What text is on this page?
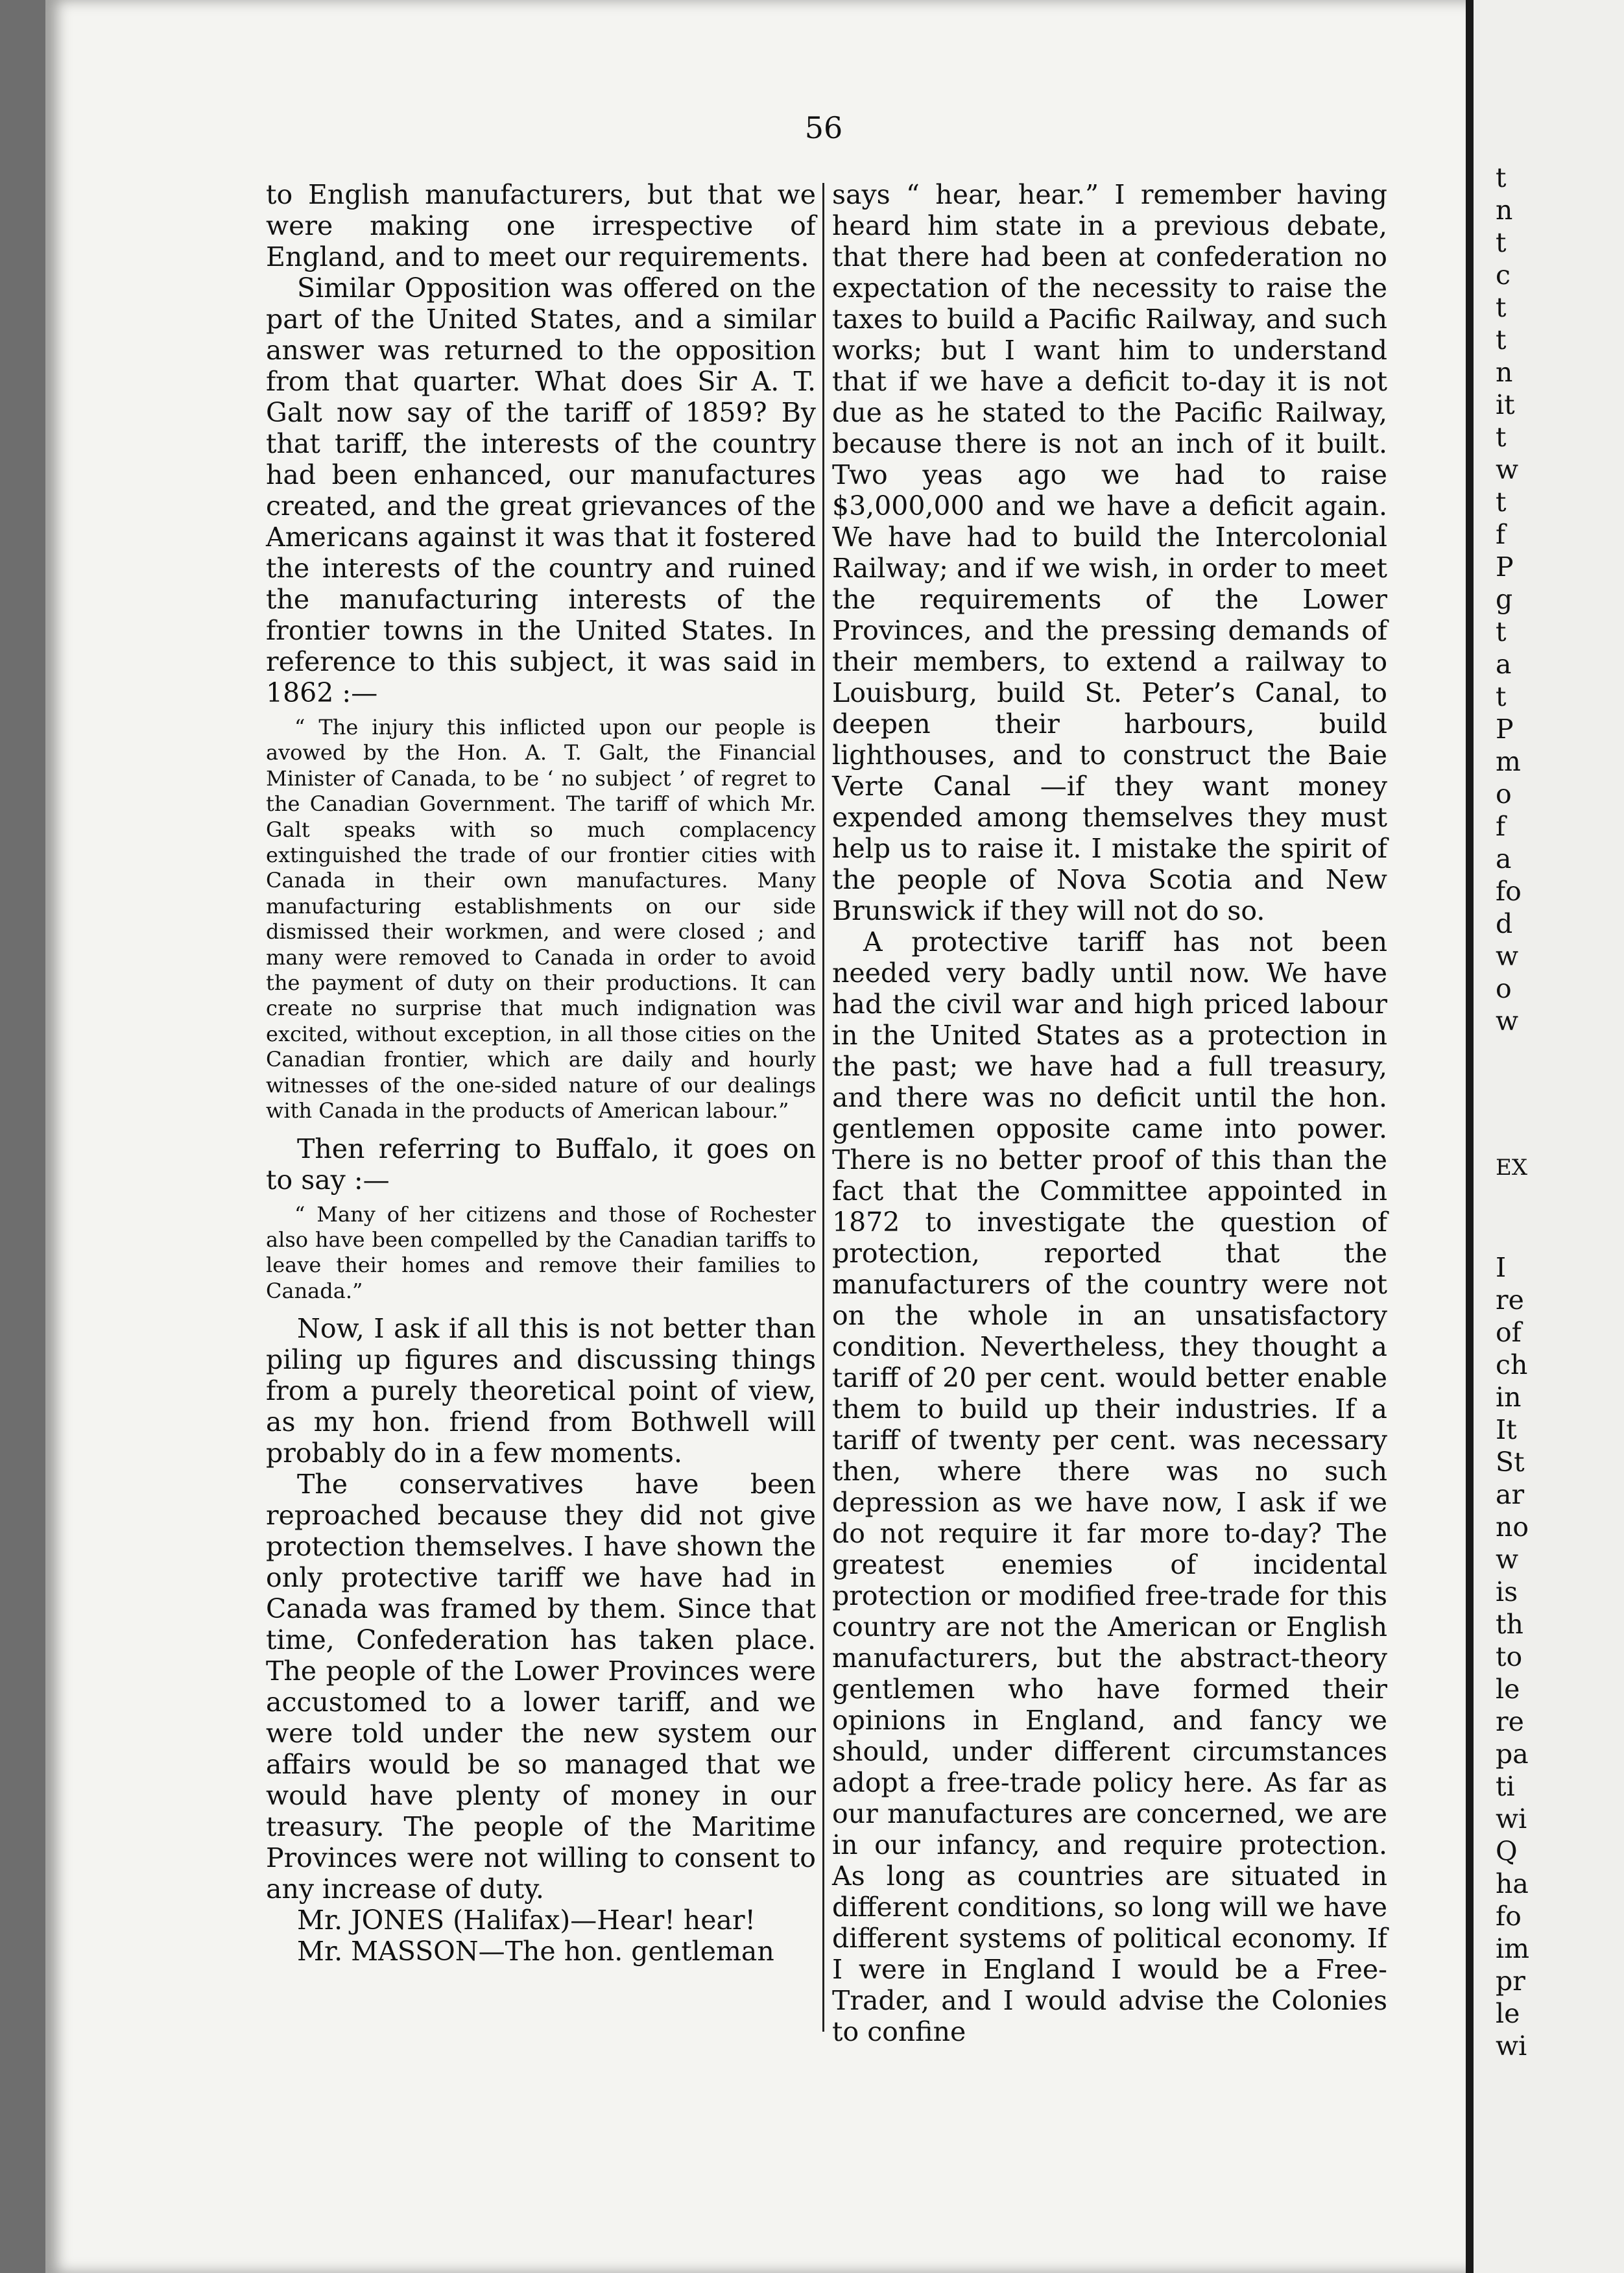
56

to English manufacturers, but that we were making one irrespective of England, and to meet our requirements.

Similar Opposition was offered on the part of the United States, and a similar answer was returned to the opposition from that quarter. What does Sir A. T. Galt now say of the tariff of 1859? By that tariff, the interests of the country had been enhanced, our manufactures created, and the great grievances of the Americans against it was that it fostered the interests of the country and ruined the manufacturing interests of the frontier towns in the United States. In reference to this subject, it was said in 1862 :—

“ The injury this inflicted upon our people is avowed by the Hon. A. T. Galt, the Financial Minister of Canada, to be ‘ no subject ’ of regret to the Canadian Government. The tariff of which Mr. Galt speaks with so much complacency extinguished the trade of our frontier cities with Canada in their own manufactures. Many manufacturing establishments on our side dismissed their workmen, and were closed ; and many were removed to Canada in order to avoid the payment of duty on their productions. It can create no surprise that much indignation was excited, without exception, in all those cities on the Canadian frontier, which are daily and hourly witnesses of the one-sided nature of our dealings with Canada in the products of American labour.”

Then referring to Buffalo, it goes on to say :—

“ Many of her citizens and those of Rochester also have been compelled by the Canadian tariffs to leave their homes and remove their families to Canada.”

Now, I ask if all this is not better than piling up figures and discussing things from a purely theoretical point of view, as my hon. friend from Bothwell will probably do in a few moments.

The conservatives have been reproached because they did not give protection themselves. I have shown the only protective tariff we have had in Canada was framed by them. Since that time, Confederation has taken place. The people of the Lower Provinces were accustomed to a lower tariff, and we were told under the new system our affairs would be so managed that we would have plenty of money in our treasury. The people of the Maritime Provinces were not willing to consent to any increase of duty.

Mr. JONES (Halifax)—Hear! hear!

Mr. MASSON—The hon. gentleman

says “ hear, hear.” I remember having heard him state in a previous debate, that there had been at confederation no expectation of the necessity to raise the taxes to build a Pacific Railway, and such works; but I want him to understand that if we have a deficit to-day it is not due as he stated to the Pacific Railway, because there is not an inch of it built. Two yeas ago we had to raise $3,000,000 and we have a deficit again. We have had to build the Intercolonial Railway; and if we wish, in order to meet the requirements of the Lower Provinces, and the pressing demands of their members, to extend a railway to Louisburg, build St. Peter’s Canal, to deepen their harbours, build lighthouses, and to construct the Baie Verte Canal —if they want money expended among themselves they must help us to raise it. I mistake the spirit of the people of Nova Scotia and New Brunswick if they will not do so.

A protective tariff has not been needed very badly until now. We have had the civil war and high priced labour in the United States as a protection in the past; we have had a full treasury, and there was no deficit until the hon. gentlemen opposite came into power. There is no better proof of this than the fact that the Committee appointed in 1872 to investigate the question of protection, reported that the manufacturers of the country were not on the whole in an unsatisfactory condition. Nevertheless, they thought a tariff of 20 per cent. would better enable them to build up their industries. If a tariff of twenty per cent. was necessary then, where there was no such depression as we have now, I ask if we do not require it far more to-day? The greatest enemies of incidental protection or modified free-trade for this country are not the American or English manufacturers, but the abstract-theory gentlemen who have formed their opinions in England, and fancy we should, under different circumstances adopt a free-trade policy here. As far as our manufactures are concerned, we are in our infancy, and require protection. As long as countries are situated in different conditions, so long will we have different systems of political economy. If I were in England I would be a Free-Trader, and I would advise the Colonies to confine

t
n
t
c
t
t
n
it
t
w
t
f
P
g
t
a
t
P
m
o
f
a
fo
d
w
o
w
EX
I
re
of
ch
in
It
St
ar
no
w
is
th
to
le
re
pa
ti
wi
Q
ha
fo
im
pr
le
wi
